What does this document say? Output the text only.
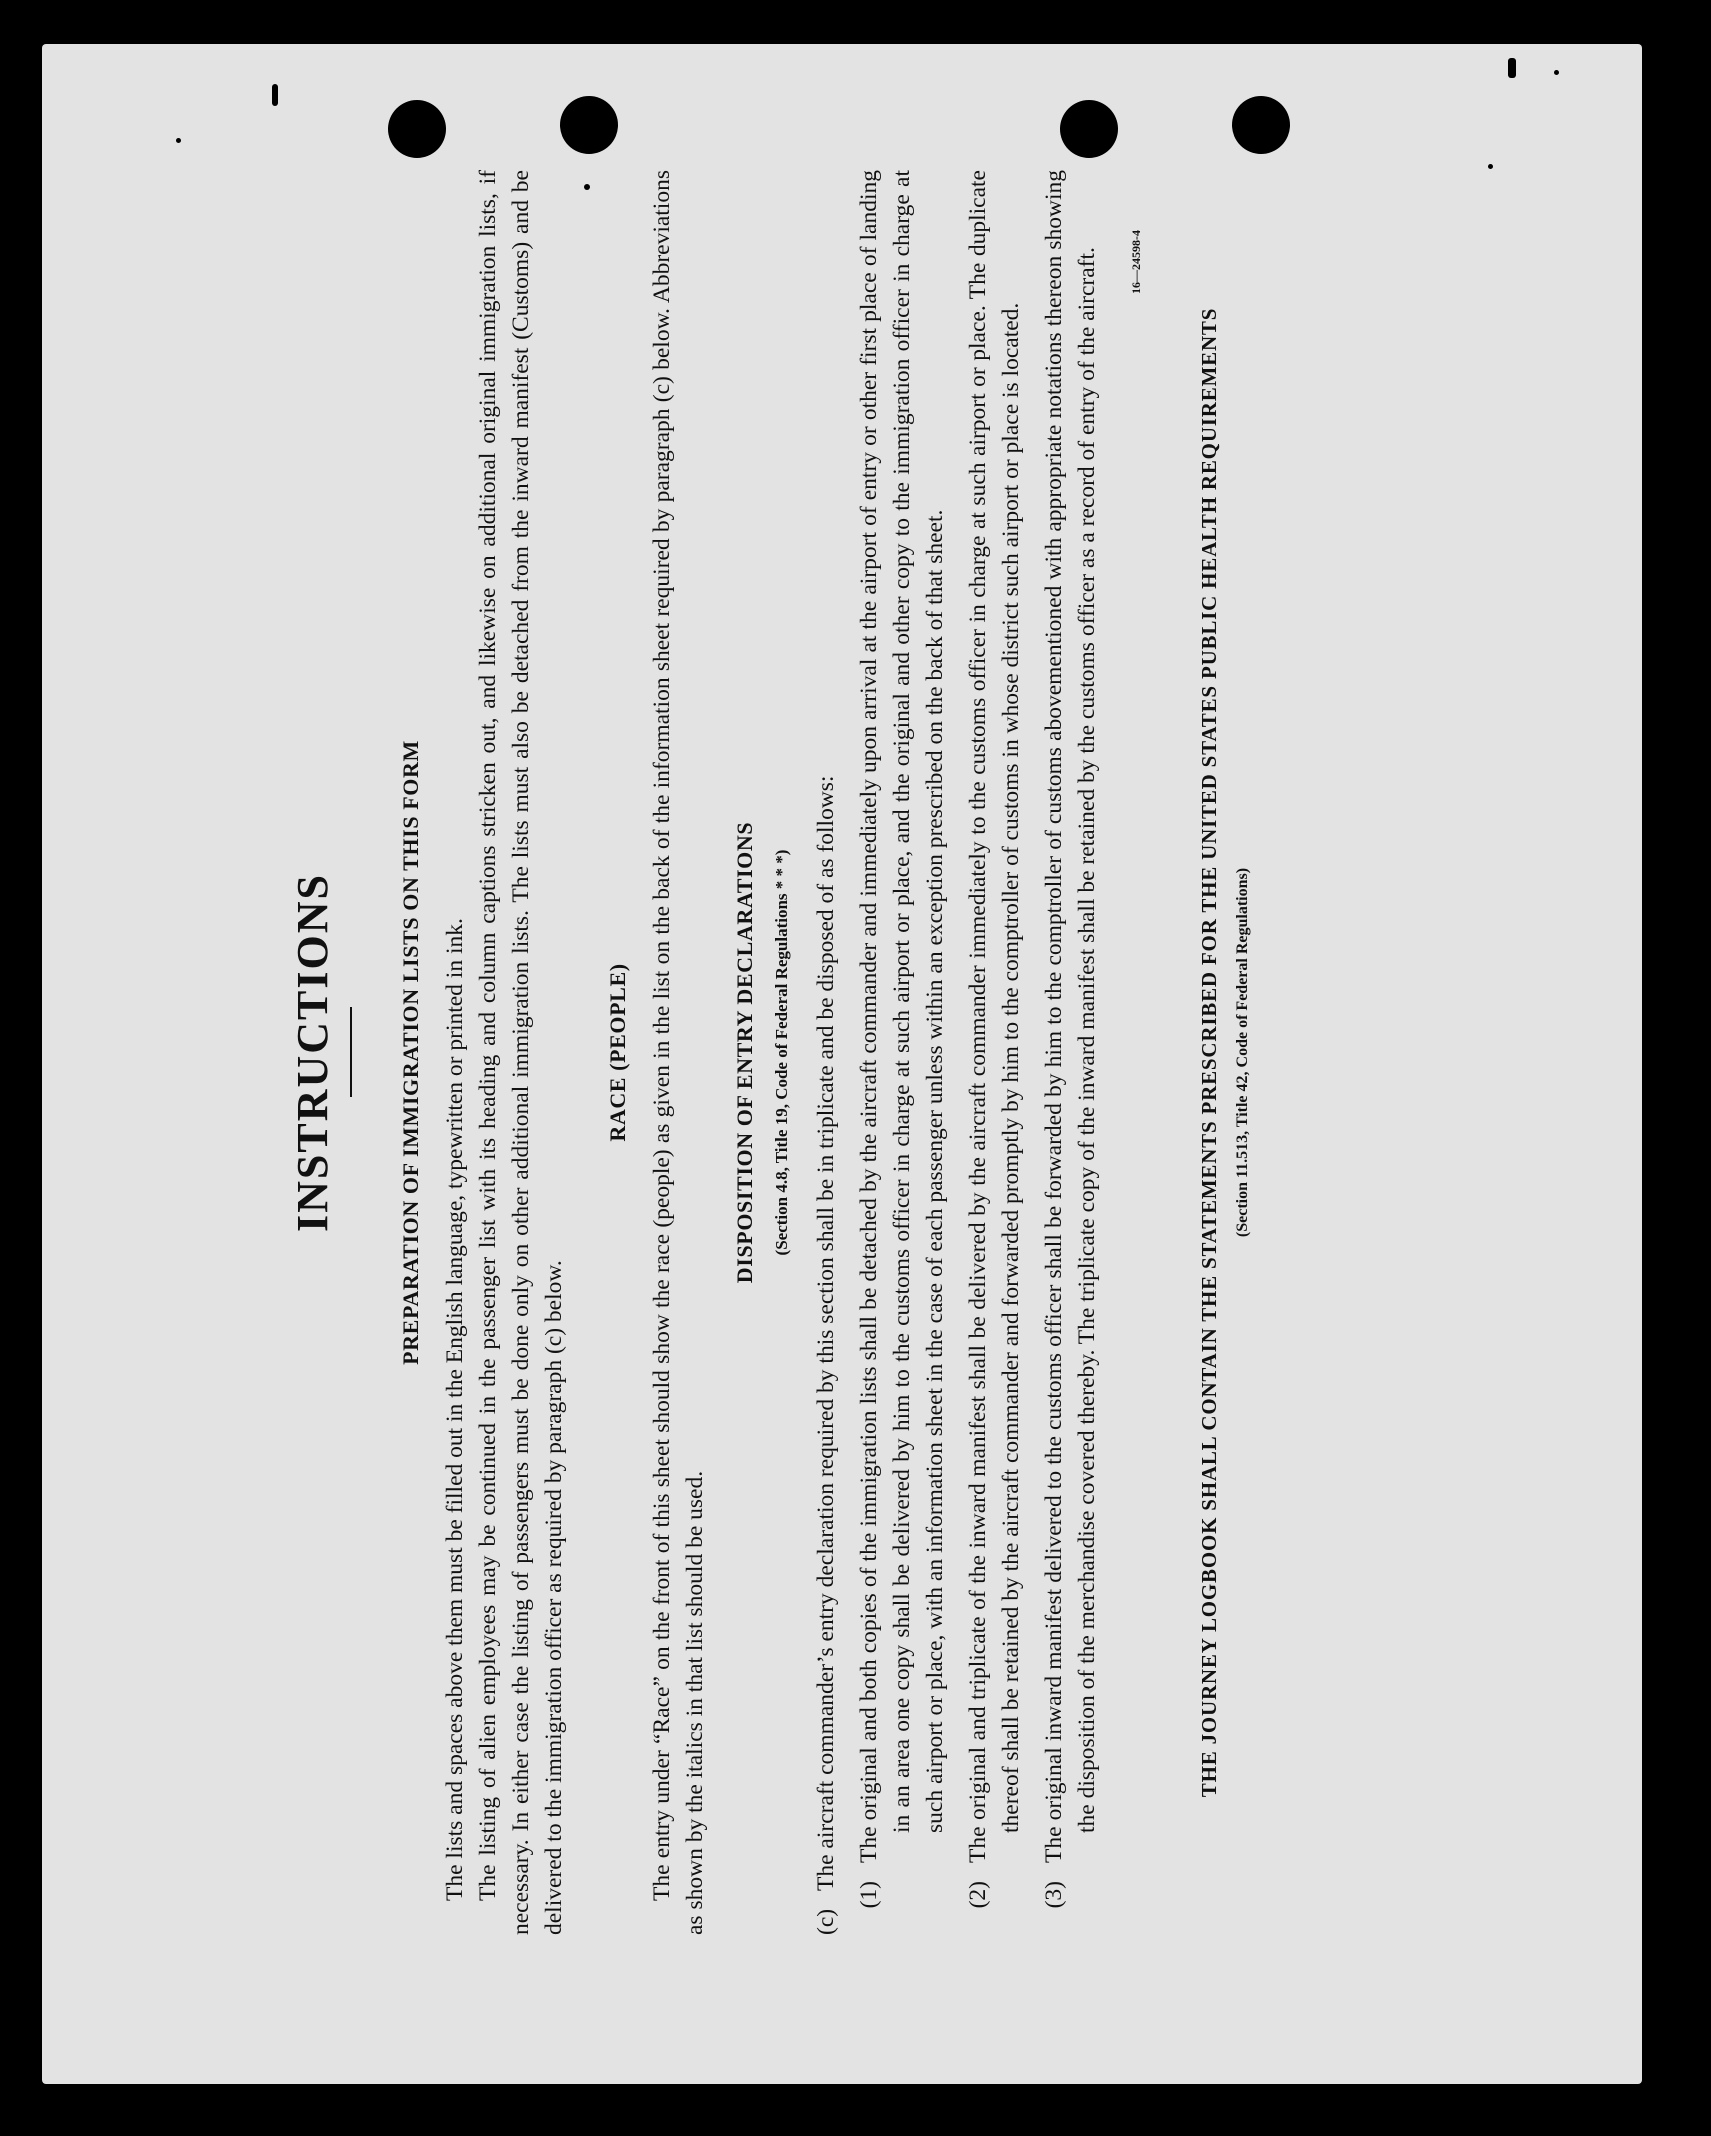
INSTRUCTIONS	PREPARATION OF IMMIGRATION LISTS ON THIS FORM The lists and spaces above them must be filled out in the English language, typewritten or printed in ink. The listing of alien employees may be continued in the passenger list with its heading and column captions stricken out, and likewise on additional original immigration lists, if necessary. In either case the listing of passengers must be done only on other additional immigration lists. The lists must also be detached from the inward manifest (Customs) and be delivered to the immigration officer as required by paragraph (c) below.

RACE (PEOPLE) The entry under “Race” on the front of this sheet should show the race (people) as given in the list on the back of the information sheet required by paragraph (c) below. Abbreviations as shown by the italics in that list should be used.

DISPOSITION OF ENTRY DECLARATIONS (Section 4.8, Title 19, Code of Federal Regulations * * *)
(c)
The aircraft commander’s entry declaration required by this section shall be in triplicate and be disposed of as follows:
(1)
The original and both copies of the immigration lists shall be detached by the aircraft commander and immediately upon arrival at the airport of entry or other first place of landing in an area one copy shall be delivered by him to the customs officer in charge at such airport or place, and the original and other copy to the immigration officer in charge at such airport or place, with an information sheet in the case of each passenger unless within an exception prescribed on the back of that sheet.
(2)
The original and triplicate of the inward manifest shall be delivered by the aircraft commander immediately to the customs officer in charge at such airport or place. The duplicate thereof shall be retained by the aircraft commander and forwarded promptly by him to the comptroller of customs in whose district such airport or place is located.
(3)
The original inward manifest delivered to the customs officer shall be forwarded by him to the comptroller of customs abovementioned with appropriate notations thereon showing the disposition of the merchandise covered thereby. The triplicate copy of the inward manifest shall be retained by the customs officer as a record of entry of the aircraft.	16—24598-4
THE JOURNEY LOGBOOK SHALL CONTAIN THE STATEMENTS PRESCRIBED FOR THE UNITED STATES PUBLIC HEALTH REQUIREMENTS (Section 11.513, Title 42, Code of Federal Regulations)
